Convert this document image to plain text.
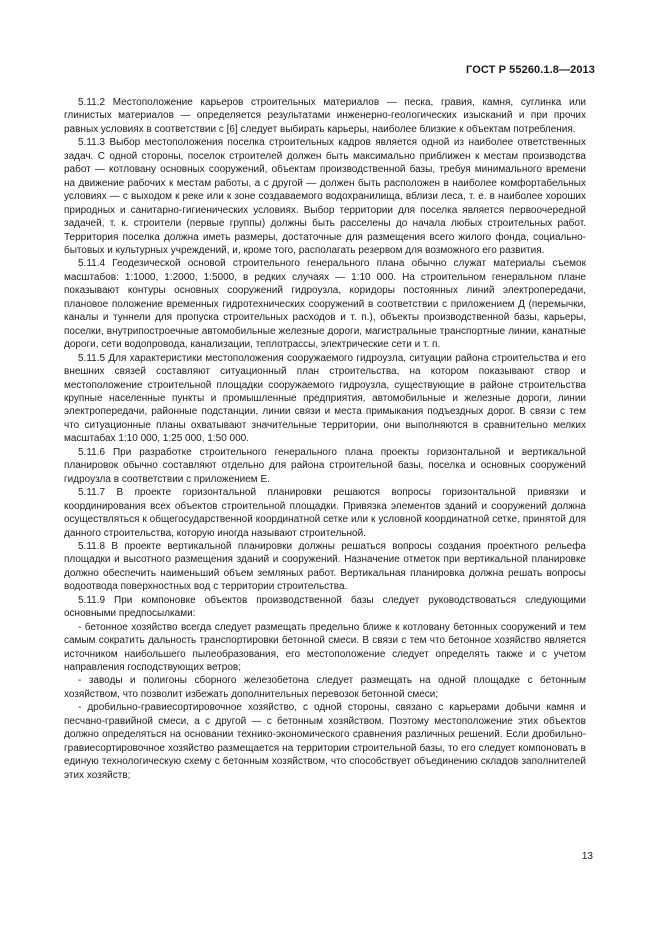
ГОСТ Р 55260.1.8—2013

5.11.2 Местоположение карьеров строительных материалов — песка, гравия, камня, суглинка или глинистых материалов — определяется результатами инженерно-геологических изысканий и при прочих равных условиях в соответствии с [6] следует выбирать карьеры, наиболее близкие к объектам потребления.

5.11.3 Выбор местоположения поселка строительных кадров является одной из наиболее ответственных задач. С одной стороны, поселок строителей должен быть максимально приближен к местам производства работ — котловану основных сооружений, объектам производственной базы, требуя минимального времени на движение рабочих к местам работы, а с другой — должен быть расположен в наиболее комфортабельных условиях — с выходом к реке или к зоне создаваемого водохранилища, вблизи леса, т. е. в наиболее хороших природных и санитарно-гигиенических условиях. Выбор территории для поселка является первоочередной задачей, т. к. строители (первые группы) должны быть расселены до начала любых строительных работ. Территория поселка должна иметь размеры, достаточные для размещения всего жилого фонда, социально-бытовых и культурных учреждений, и, кроме того, располагать резервом для возможного его развития.

5.11.4 Геодезической основой строительного генерального плана обычно служат материалы съемок масштабов: 1:1000, 1:2000, 1:5000, в редких случаях — 1:10 000. На строительном генеральном плане показывают контуры основных сооружений гидроузла, коридоры постоянных линий электропередачи, плановое положение временных гидротехнических сооружений в соответствии с приложением Д (перемычки, каналы и туннели для пропуска строительных расходов и т. п.), объекты производственной базы, карьеры, поселки, внутрипостроечные автомобильные железные дороги, магистральные транспортные линии, канатные дороги, сети водопровода, канализации, теплотрассы, электрические сети и т. п.

5.11.5 Для характеристики местоположения сооружаемого гидроузла, ситуации района строительства и его внешних связей составляют ситуационный план строительства, на котором показывают створ и местоположение строительной площадки сооружаемого гидроузла, существующие в районе строительства крупные населенные пункты и промышленные предприятия, автомобильные и железные дороги, линии электропередачи, районные подстанции, линии связи и места примыкания подъездных дорог. В связи с тем что ситуационные планы охватывают значительные территории, они выполняются в сравнительно мелких масштабах 1:10 000, 1:25 000, 1:50 000.

5.11.6 При разработке строительного генерального плана проекты горизонтальной и вертикальной планировок обычно составляют отдельно для района строительной базы, поселка и основных сооружений гидроузла в соответствии с приложением Е.

5.11.7 В проекте горизонтальной планировки решаются вопросы горизонтальной привязки и координирования всех объектов строительной площадки. Привязка элементов зданий и сооружений должна осуществляться к общегосударственной координатной сетке или к условной координатной сетке, принятой для данного строительства, которую иногда называют строительной.

5.11.8 В проекте вертикальной планировки должны решаться вопросы создания проектного рельефа площадки и высотного размещения зданий и сооружений. Назначение отметок при вертикальной планировке должно обеспечить наименьший объем земляных работ. Вертикальная планировка должна решать вопросы водоотвода поверхностных вод с территории строительства.

5.11.9 При компоновке объектов производственной базы следует руководствоваться следующими основными предпосылками:

- бетонное хозяйство всегда следует размещать предельно ближе к котловану бетонных сооружений и тем самым сократить дальность транспортировки бетонной смеси. В связи с тем что бетонное хозяйство является источником наибольшего пылеобразования, его местоположение следует определять также и с учетом направления господствующих ветров;

- заводы и полигоны сборного железобетона следует размещать на одной площадке с бетонным хозяйством, что позволит избежать дополнительных перевозок бетонной смеси;

- дробильно-гравиесортировочное хозяйство, с одной стороны, связано с карьерами добычи камня и песчано-гравийной смеси, а с другой — с бетонным хозяйством. Поэтому местоположение этих объектов должно определяться на основании технико-экономического сравнения различных решений. Если дробильно-гравиесортировочное хозяйство размещается на территории строительной базы, то его следует компоновать в единую технологическую схему с бетонным хозяйством, что способствует объединению складов заполнителей этих хозяйств;

13
